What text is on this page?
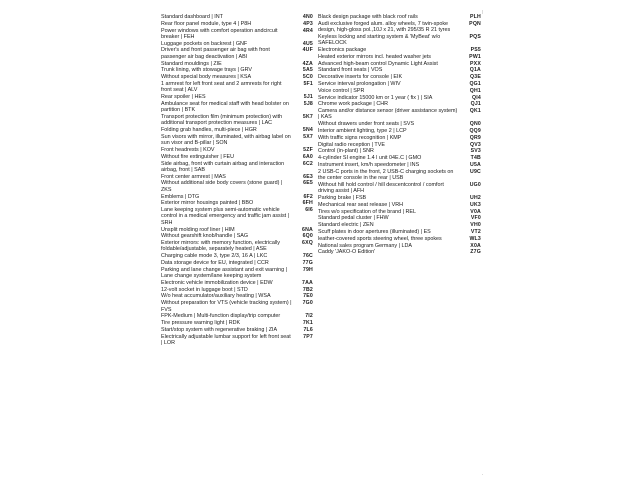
Standard dashboard | INT	4N0
Rear floor panel module, type 4 | P8H	4P3
Power windows with comfort operation andcircuit breaker | FEH
4R4
Luggage pockets on backrest | GNF	4U5
Driver's and front passenger air bag with front passenger air bag deactivation | ABI
4UF
Standard mouldings | ZIE	4ZA
Trunk lining, with stowage trays | GRV	5A5
Without special body measures | KSA	5C0
1 armrest for left front seat and 2 armrests for right front seat | ALV
5F1
Rear spoiler | HES	5J1
Ambulance seat for medical staff with head bolster on partition | BTK
5J8
Transport protection film (minimum protection) with additional transport protection measures | LAC
5K7
Folding grab handles, multi-piece | HGR	5N4
Sun visors with mirror, illuminated, with airbag label on sun visor and B-pillar | SON
5X7
Front headrests | KOV	5ZF
Without fire extinguisher | FEU	6A0
Side airbag, front with curtain airbag and interaction airbag, front | SAB
6C2
Front center armrest | MAS	6E3
Without additional side body covers (stone guard) | ZKS
6E5
Emblems | DTG	6F2
Exterior mirror housings painted | BBO	6FH
Lane keeping system plus semi-automatic vehicle control in a medical emergency and traffic jam assist | SRH
6I6
Unsplit molding roof liner | HIM	6NA
Without gearshift knob/handle | SAG	6Q0
Exterior mirrors: with memory function, electrically foldable/adjustable, separately heated | ASE
6XQ
Charging cable mode 3, type 2/3, 16 A | LKC	76C
Data storage device for EU, integrated | CCR	77G
Parking and lane change assistant and exit warning | Lane change system/lane keeping system
79H
Electronic vehicle immobilization device | EDW	7AA
12-volt socket in luggage boot | STD	7B2
W/o heat accumulator/auxiliary heating | WSA	7E0
Without preparation for VTS (vehicle tracking system) | FVS
7G0
FPK-Medium | Multi-function display/trip computer	7I2
Tire pressure warning light | RDK	7K1
Start/stop system with regenerative braking | ZIA	7L6
Electrically adjustable lumbar support for left front seat | LOR
7P7
Black design package with black roof rails	PLH
Audi exclusive forged alum. alloy wheels, 7 twin-spoke design, high-gloss pol.,10J x 21, with 295/35 R 21 tyres
PQN
Keyless locking and starting system & 'MyBeat' w/o SAFELOCK
PQS
Electronics package	PS5
Heated exterior mirrors incl. heated washer jets	PW1
Advanced high-beam control Dynamic Light Assist	PXX
Standard front seats | VOS	Q1A
Decorative inserts for console | EIK	Q3E
Service interval prolongation | WIV	QG1
Voice control | SPR	QH1
Service indicator 15000 km or 1 year ( fix ) | SIA	QI4
Chrome work package | CHR	QJ1
Camera and/or distance sensor (driver assistance system) | KAS
QK1
Without drawers under front seats | SVS	QN0
Interior ambient lighting, type 2 | LCP	QQ9
With traffic signs recognition | KMP	QR9
Digital radio reception | TVE	QV3
Control (in-plant) | SNR	SV3
4-cylinder SI engine 1.4 l unit 04E.C | GMO	T4B
Instrument insert, km/h speedometer | INS	U5A
2 USB-C ports in the front, 2 USB-C charging sockets on the center console in the rear | USB
U9C
Without hill hold control / hill descentcontrol / comfort driving assist | AFH
UG0
Parking brake | FSB	UH2
Mechanical rear seat release | VRH	UK3
Tires w/o specification of the brand | REL	V0A
Standard pedal cluster | FHW	VF0
Standard electric | ZEN	VH0
Scuff plates in door apertures (illuminated) | ES	VT2
leather-covered sports steering wheel, three spokes	WL3
National sales program Germany | LDA	X0A
Caddy 'JAKO-O Edition'	Z7G
